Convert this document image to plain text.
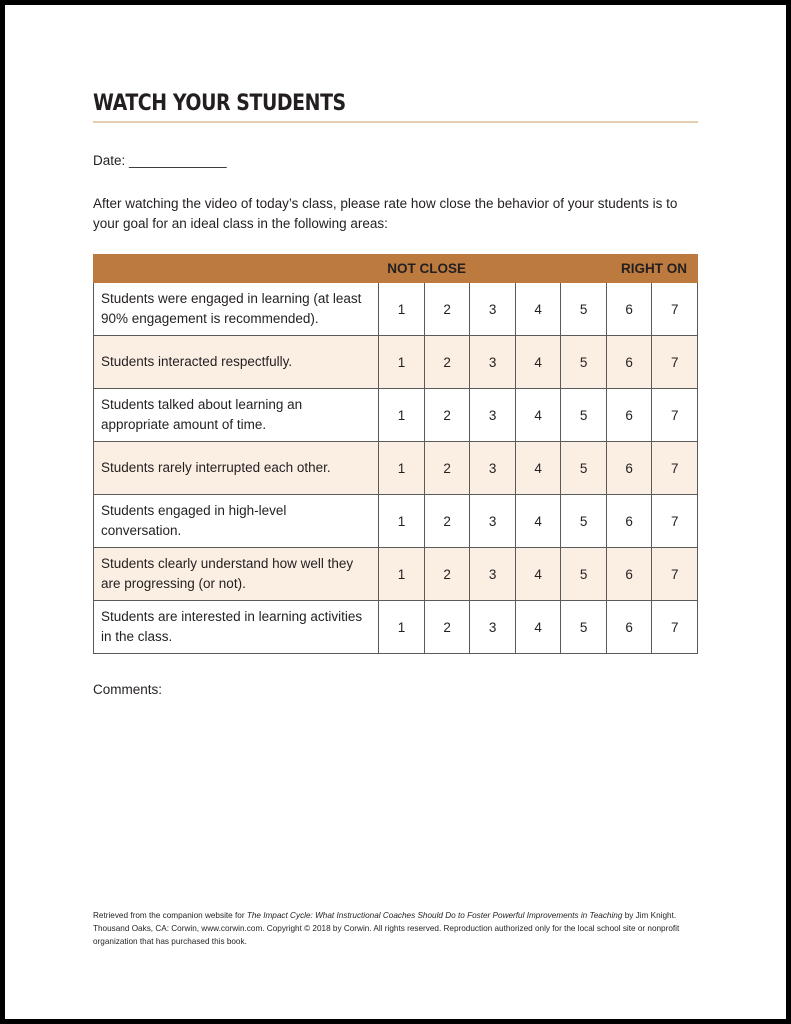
WATCH YOUR STUDENTS
Date: _____________
After watching the video of today’s class, please rate how close the behavior of your students is to your goal for an ideal class in the following areas:
	NOT CLOSE			RIGHT ON			
Students were engaged in learning (at least 90% engagement is recommended).	1	2	3	4	5	6	7
Students interacted respectfully.	1	2	3	4	5	6	7
Students talked about learning an appropriate amount of time.	1	2	3	4	5	6	7
Students rarely interrupted each other.	1	2	3	4	5	6	7
Students engaged in high-level conversation.	1	2	3	4	5	6	7
Students clearly understand how well they are progressing (or not).	1	2	3	4	5	6	7
Students are interested in learning activities in the class.	1	2	3	4	5	6	7
Comments:
Retrieved from the companion website for The Impact Cycle: What Instructional Coaches Should Do to Foster Powerful Improvements in Teaching by Jim Knight. Thousand Oaks, CA: Corwin, www.corwin.com. Copyright © 2018 by Corwin. All rights reserved. Reproduction authorized only for the local school site or nonprofit organization that has purchased this book.
